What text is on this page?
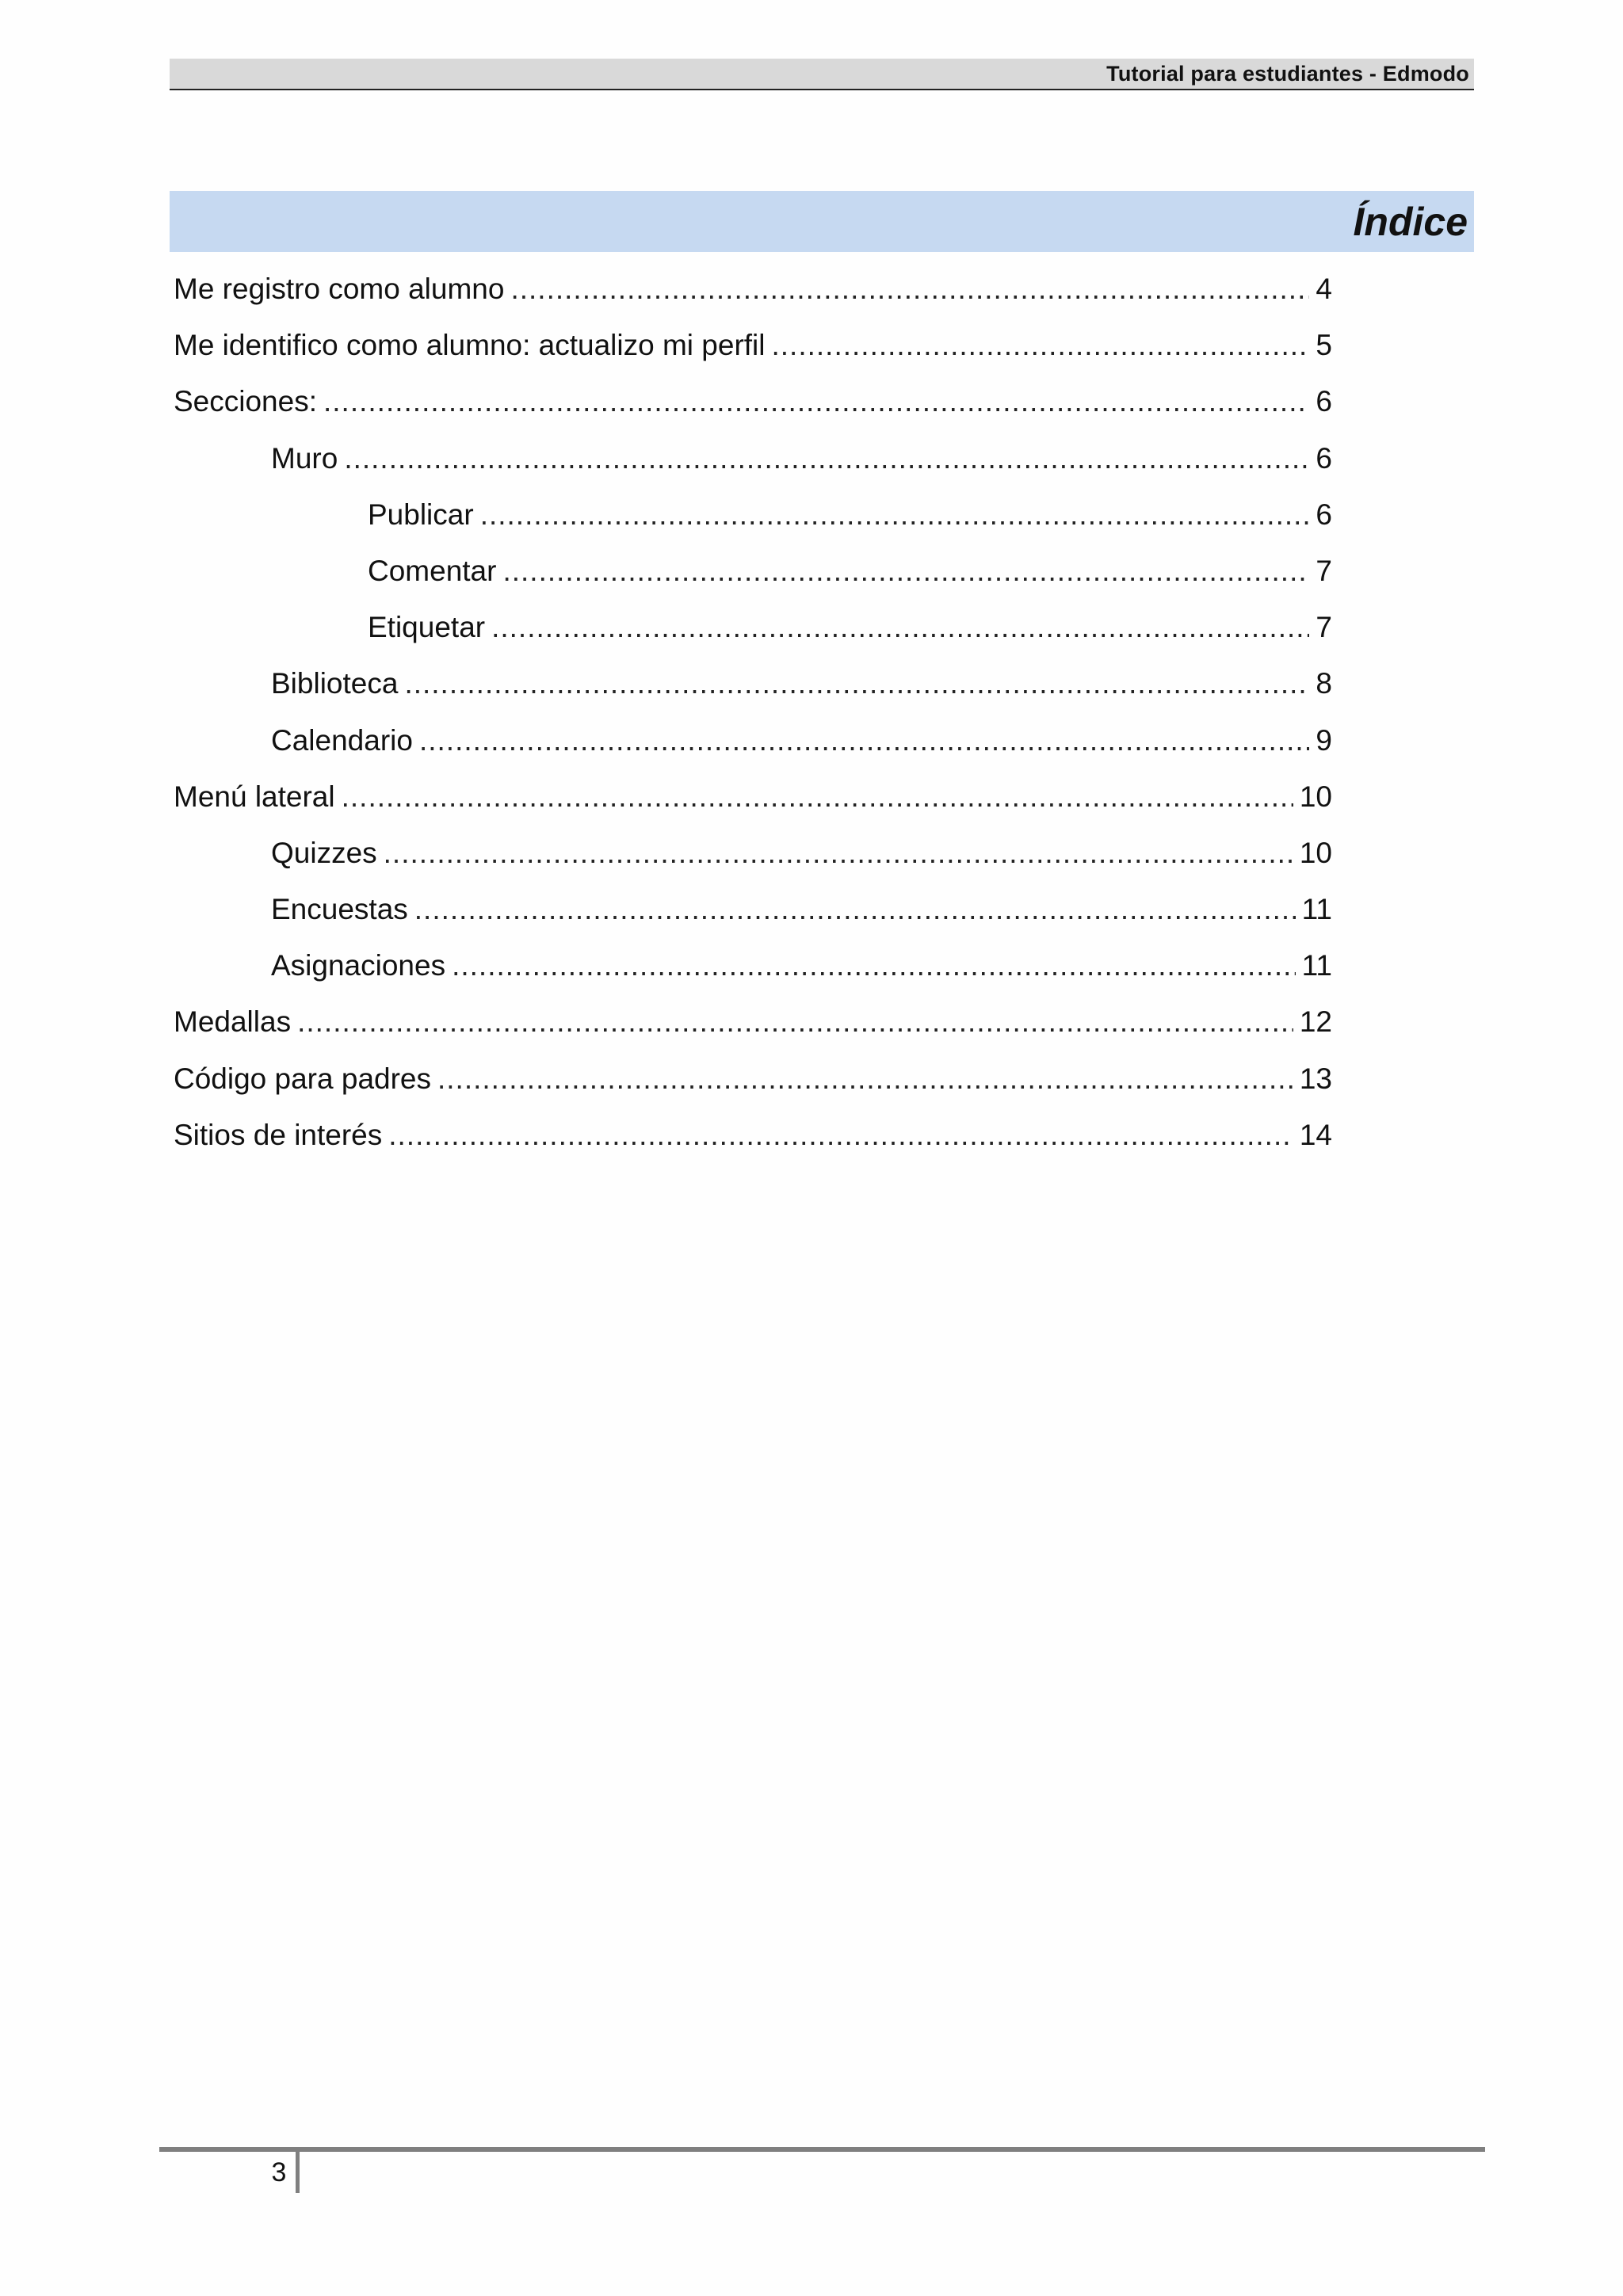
Tutorial para estudiantes - Edmodo
Índice
Me registro como alumno .....	4
Me identifico como alumno: actualizo mi perfil .....	5
Secciones: .....	6
Muro .....	6
Publicar .....	6
Comentar .....	7
Etiquetar .....	7
Biblioteca .....	8
Calendario .....	9
Menú lateral .....	10
Quizzes .....	10
Encuestas .....	11
Asignaciones .....	11
Medallas .....	12
Código para padres .....	13
Sitios de interés .....	14
3
